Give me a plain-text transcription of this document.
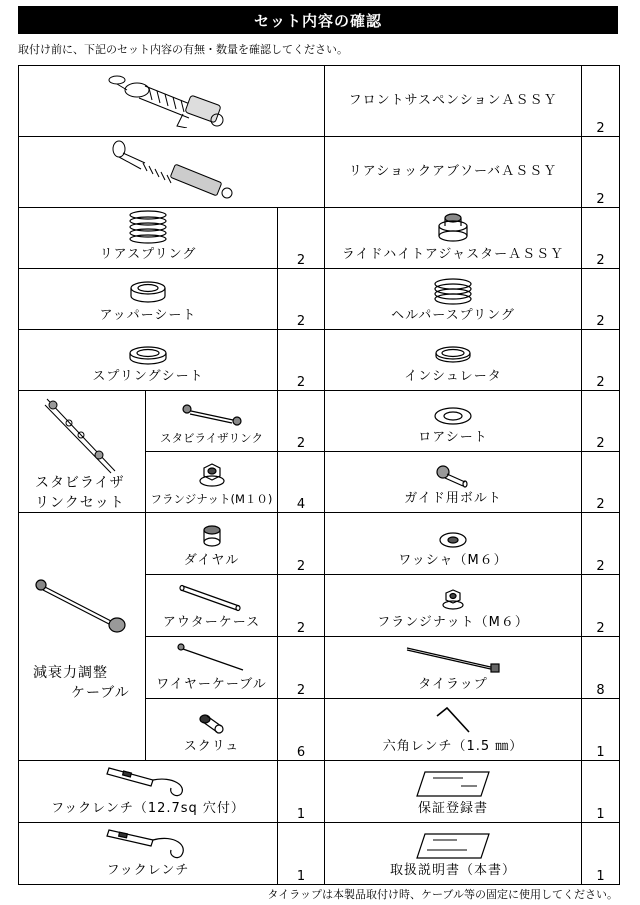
セット内容の確認
取付け前に、下記のセット内容の有無・数量を確認してください。
	フロントサスペンションＡＳＳＹ	2

	リアショックアブソーバＡＳＳＹ	2

リアスプリング		2	ライドハイトアジャスターＡＳＳＹ	2

アッパーシート		2	ヘルパースプリング	2

スプリングシート		2	インシュレータ	2

スタビライザ
リンクセット	スタビライザリンク	2	ロアシート	2

	フランジナット(M１０)	4	ガイド用ボルト	2

減衰力調整
ケーブル	ダイヤル	2	ワッシャ（M６）	2

	アウターケース	2	フランジナット（M６）	2

	ワイヤーケーブル	2	タイラップ	8

	スクリュ	6	六角レンチ（1.5 ㎜）	1

フックレンチ（12.7sq 穴付）		1	保証登録書	1

フックレンチ		1	取扱説明書（本書）	1
タイラップは本製品取付け時、ケーブル等の固定に使用してください。
